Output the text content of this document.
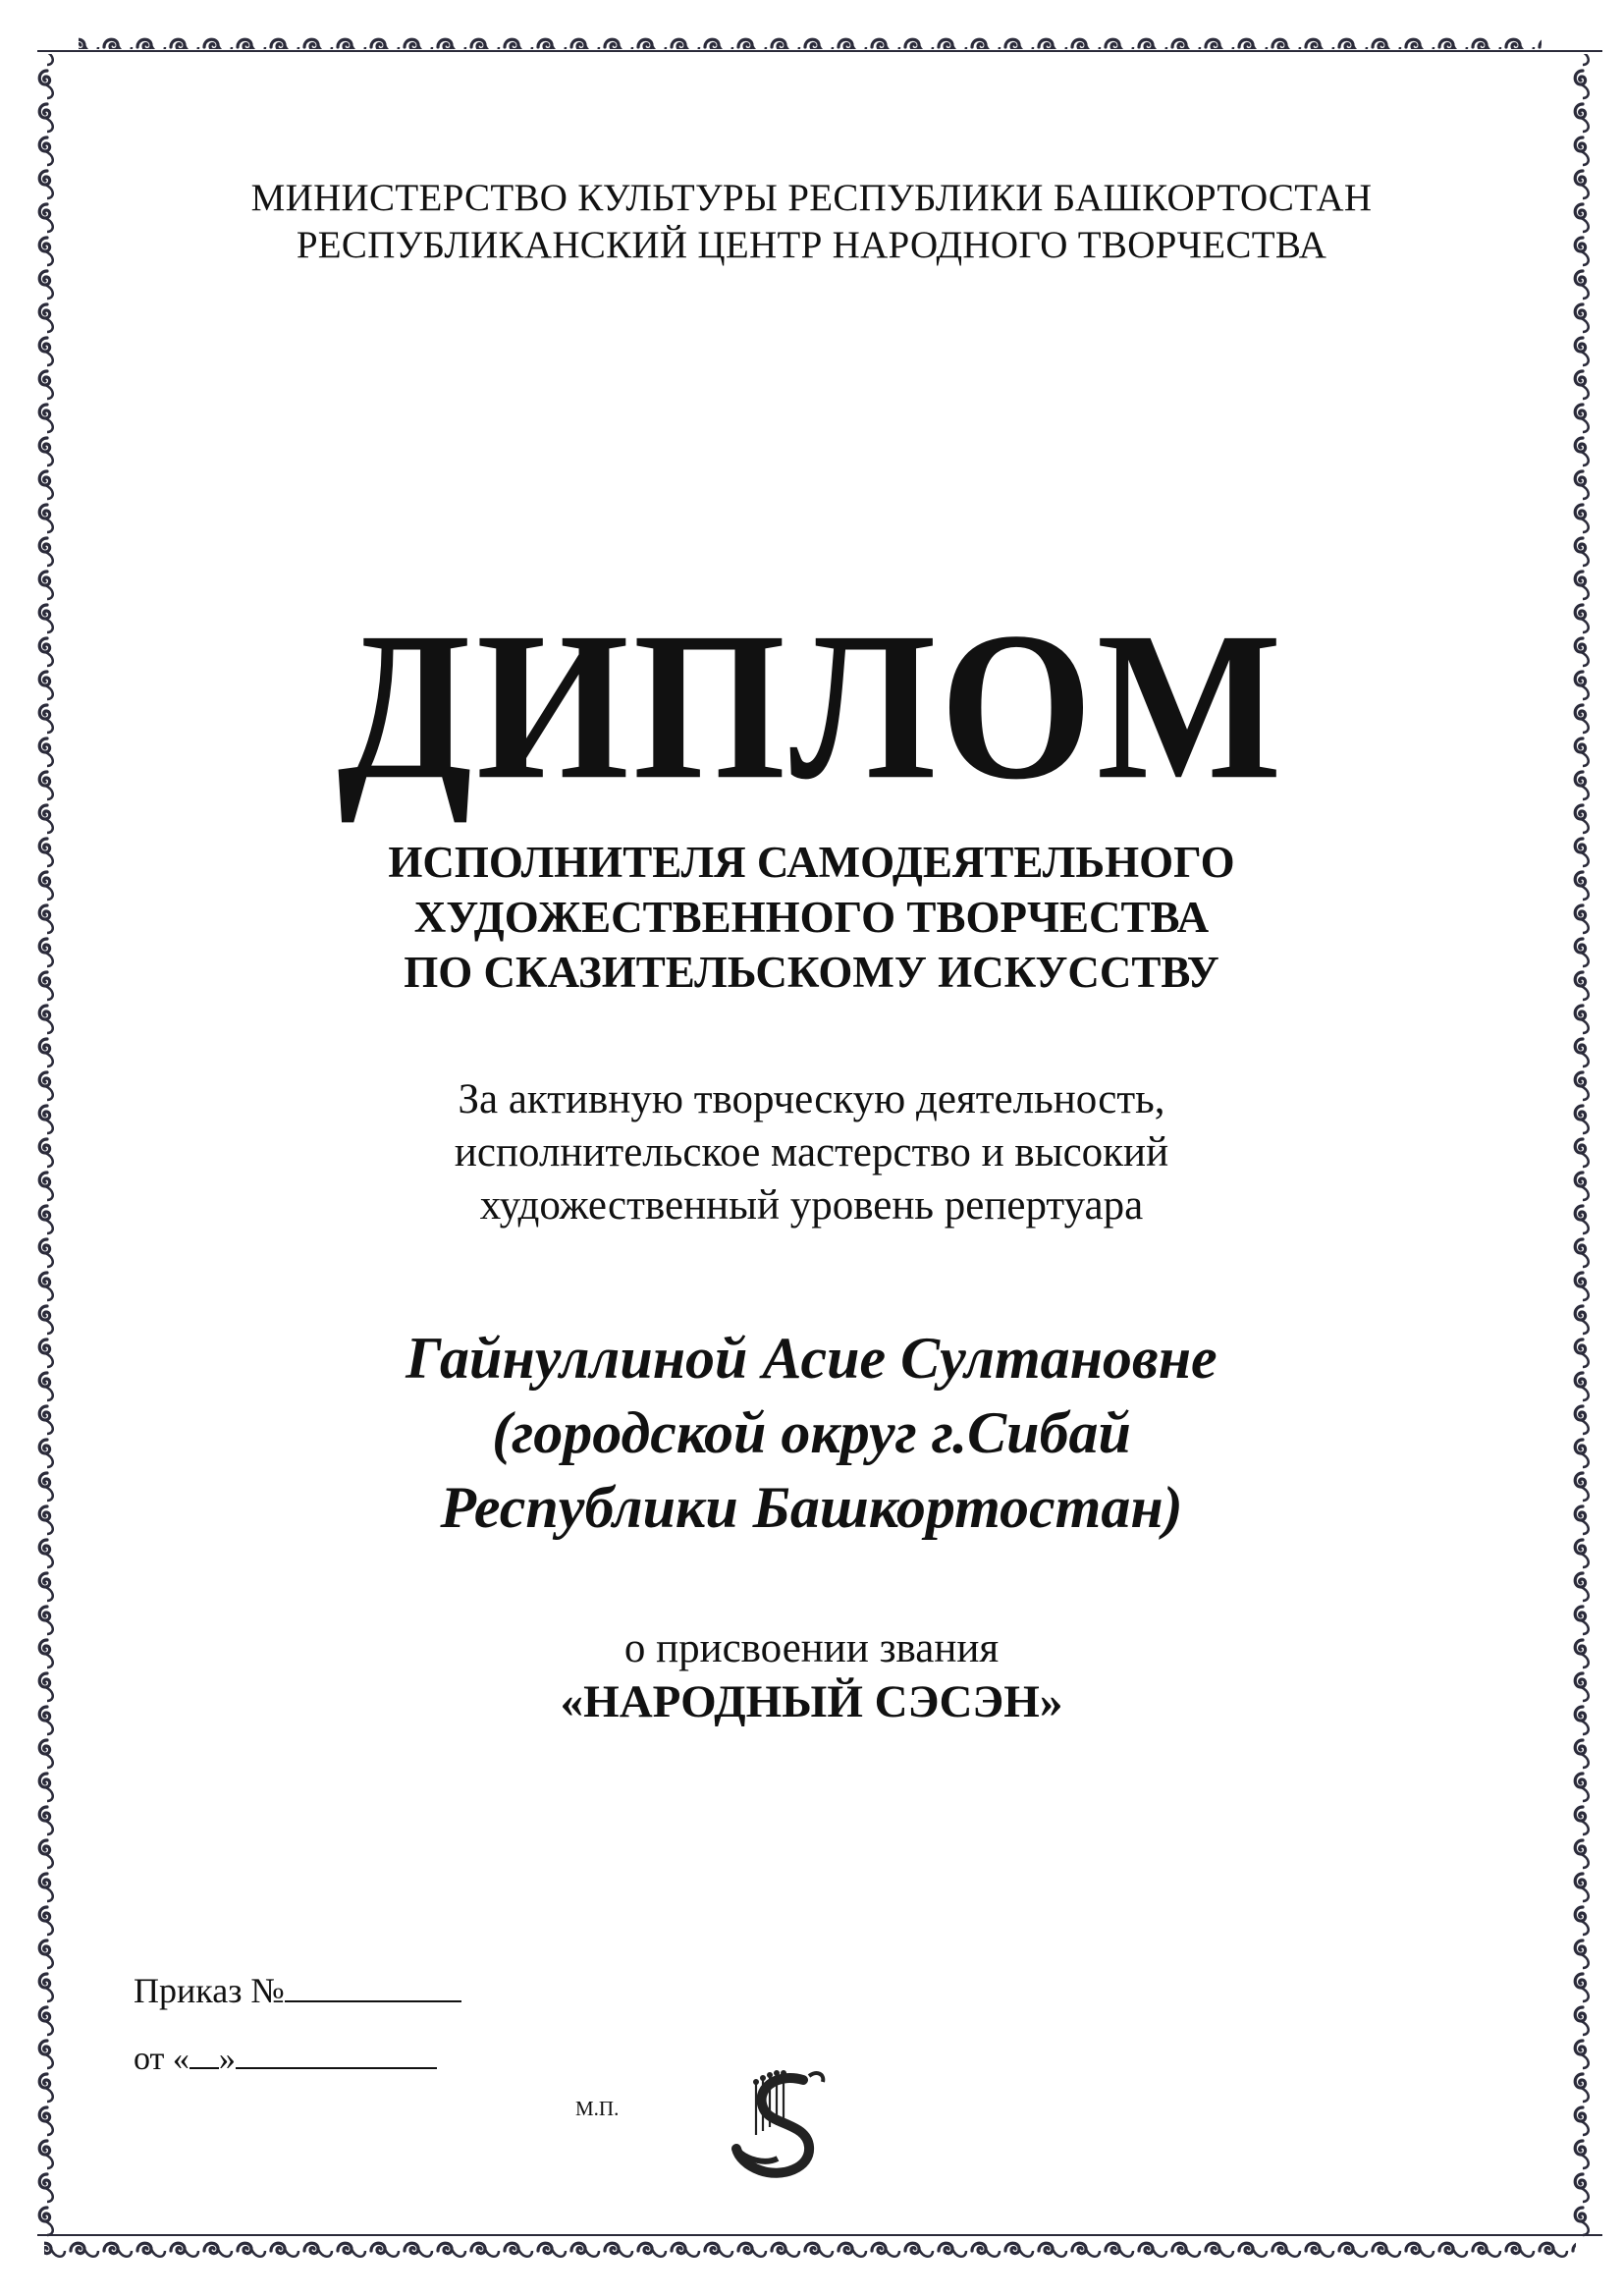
МИНИСТЕРСТВО КУЛЬТУРЫ РЕСПУБЛИКИ БАШКОРТОСТАН
РЕСПУБЛИКАНСКИЙ ЦЕНТР НАРОДНОГО ТВОРЧЕСТВА
ДИПЛОМ
ИСПОЛНИТЕЛЯ САМОДЕЯТЕЛЬНОГО
ХУДОЖЕСТВЕННОГО ТВОРЧЕСТВА
ПО СКАЗИТЕЛЬСКОМУ ИСКУССТВУ
За активную творческую деятельность,
исполнительское мастерство и высокий
художественный уровень репертуара
Гайнуллиной Асие Султановне
(городской округ г.Сибай
Республики Башкортостан)
о присвоении звания
«НАРОДНЫЙ СЭСЭН»
Приказ №
от « »
М.П.
